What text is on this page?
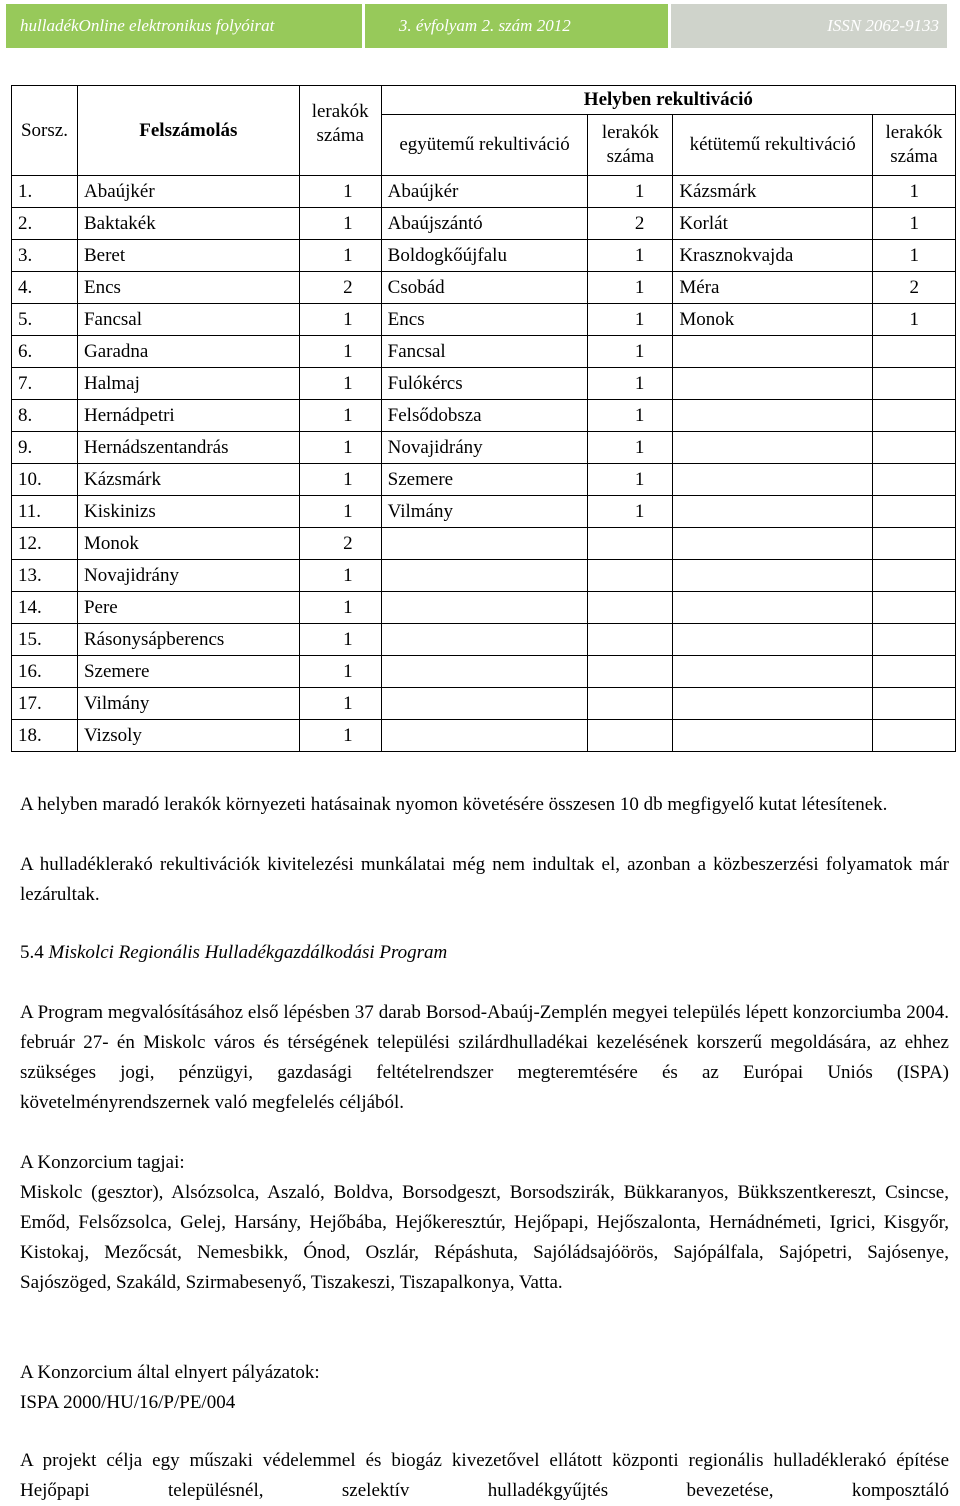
hulladékOnline elektronikus folyóirat	3. évfolyam 2. szám 2012	ISSN 2062-9133
Sorsz.	Felszámolás	lerakók száma	Helyben rekultiváció			
			együtemű rekultiváció	lerakók száma	kétütemű rekultiváció	lerakók száma
1.	Abaújkér	1	Abaújkér	1	Kázsmárk	1
2.	Baktakék	1	Abaújszántó	2	Korlát	1
3.	Beret	1	Boldogkőújfalu	1	Krasznokvajda	1
4.	Encs	2	Csobád	1	Méra	2
5.	Fancsal	1	Encs	1	Monok	1
6.	Garadna	1	Fancsal	1		
7.	Halmaj	1	Fulókércs	1		
8.	Hernádpetri	1	Felsődobsza	1		
9.	Hernádszentandrás	1	Novajidrány	1		
10.	Kázsmárk	1	Szemere	1		
11.	Kiskinizs	1	Vilmány	1		
12.	Monok	2				
13.	Novajidrány	1				
14.	Pere	1				
15.	Rásonysápberencs	1				
16.	Szemere	1				
17.	Vilmány	1				
18.	Vizsoly	1				
A helyben maradó lerakók környezeti hatásainak nyomon követésére összesen 10 db megfigyelő kutat létesítenek.
A hulladéklerakó rekultivációk kivitelezési munkálatai még nem indultak el, azonban a közbeszerzési folyamatok már lezárultak.
5.4 Miskolci Regionális Hulladékgazdálkodási Program
A Program megvalósításához első lépésben 37 darab Borsod-Abaúj-Zemplén megyei település lépett konzorciumba 2004. február 27- én Miskolc város és térségének települési szilárdhulladékai kezelésének korszerű megoldására, az ehhez szükséges jogi, pénzügyi, gazdasági feltételrendszer megteremtésére és az Európai Uniós (ISPA) követelményrendszernek való megfelelés céljából.
A Konzorcium tagjai:
Miskolc (gesztor), Alsózsolca, Aszaló, Boldva, Borsodgeszt, Borsodszirák, Bükkaranyos, Bükkszentkereszt, Csincse, Emőd, Felsőzsolca, Gelej, Harsány, Hejőbába, Hejőkeresztúr, Hejőpapi, Hejőszalonta, Hernádnémeti, Igrici, Kisgyőr, Kistokaj, Mezőcsát, Nemesbikk, Ónod, Oszlár, Répáshuta, Sajóládsajóörös, Sajópálfala, Sajópetri, Sajósenye, Sajószöged, Szakáld, Szirmabesenyő, Tiszakeszi, Tiszapalkonya, Vatta.
A Konzorcium által elnyert pályázatok:
ISPA 2000/HU/16/P/PE/004
A projekt célja egy műszaki védelemmel és biogáz kivezetővel ellátott központi regionális hulladéklerakó építése Hejőpapi településnél, szelektív hulladékgyűjtés bevezetése, komposztáló
